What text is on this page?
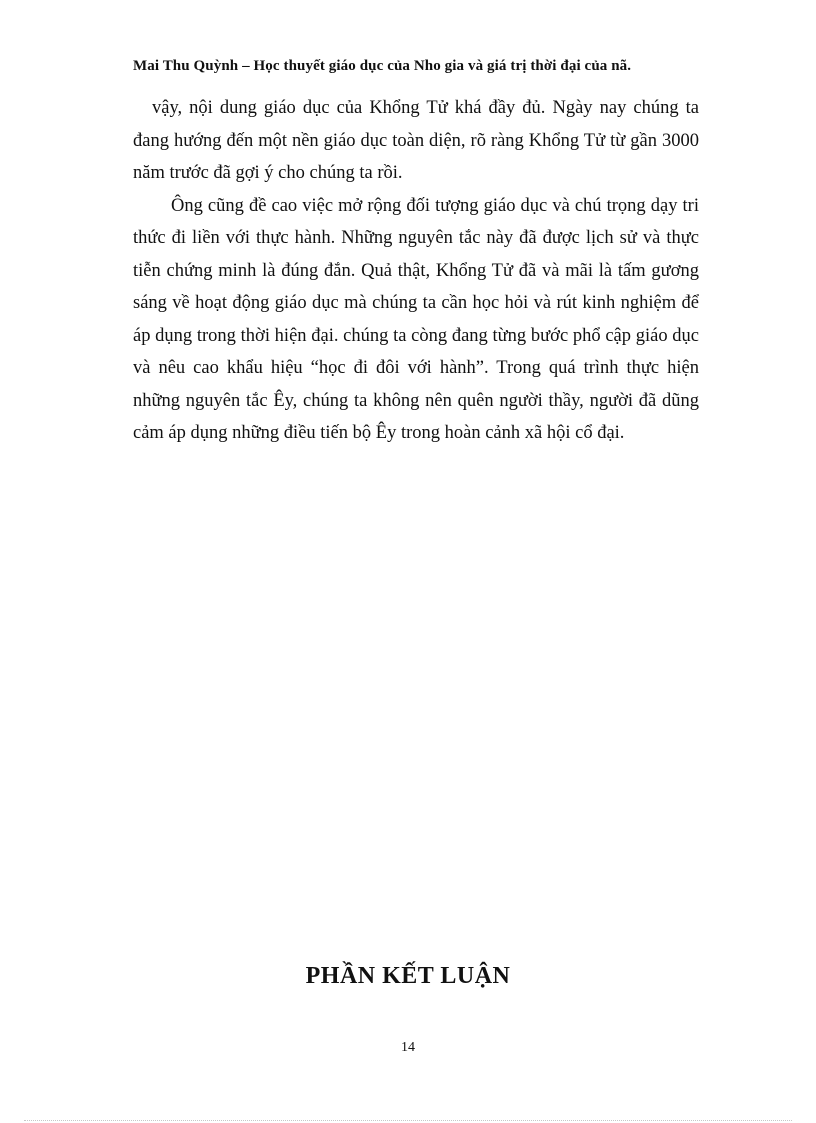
Mai Thu Quỳnh – Học thuyết giáo dục của Nho gia và giá trị thời đại của nã.

vậy, nội dung giáo dục của Khổng Tử khá đầy đủ. Ngày nay chúng ta đang hướng đến một nền giáo dục toàn diện, rõ ràng Khổng Tử từ gần 3000 năm trước đã gợi ý cho chúng ta rồi.

Ông cũng đề cao việc mở rộng đối tượng giáo dục và chú trọng dạy tri thức đi liền với thực hành. Những nguyên tắc này đã được lịch sử và thực tiễn chứng minh là đúng đắn. Quả thật, Khổng Tử đã và mãi là tấm gương sáng về hoạt động giáo dục mà chúng ta cần học hỏi và rút kinh nghiệm để áp dụng trong thời hiện đại. chúng ta còng đang từng bước phổ cập giáo dục và nêu cao khẩu hiệu “học đi đôi với hành”. Trong quá trình thực hiện những nguyên tắc Êy, chúng ta không nên quên người thầy, người đã dũng cảm áp dụng những điều tiến bộ Êy trong hoàn cảnh xã hội cổ đại.

PHẦN KẾT LUẬN
14
